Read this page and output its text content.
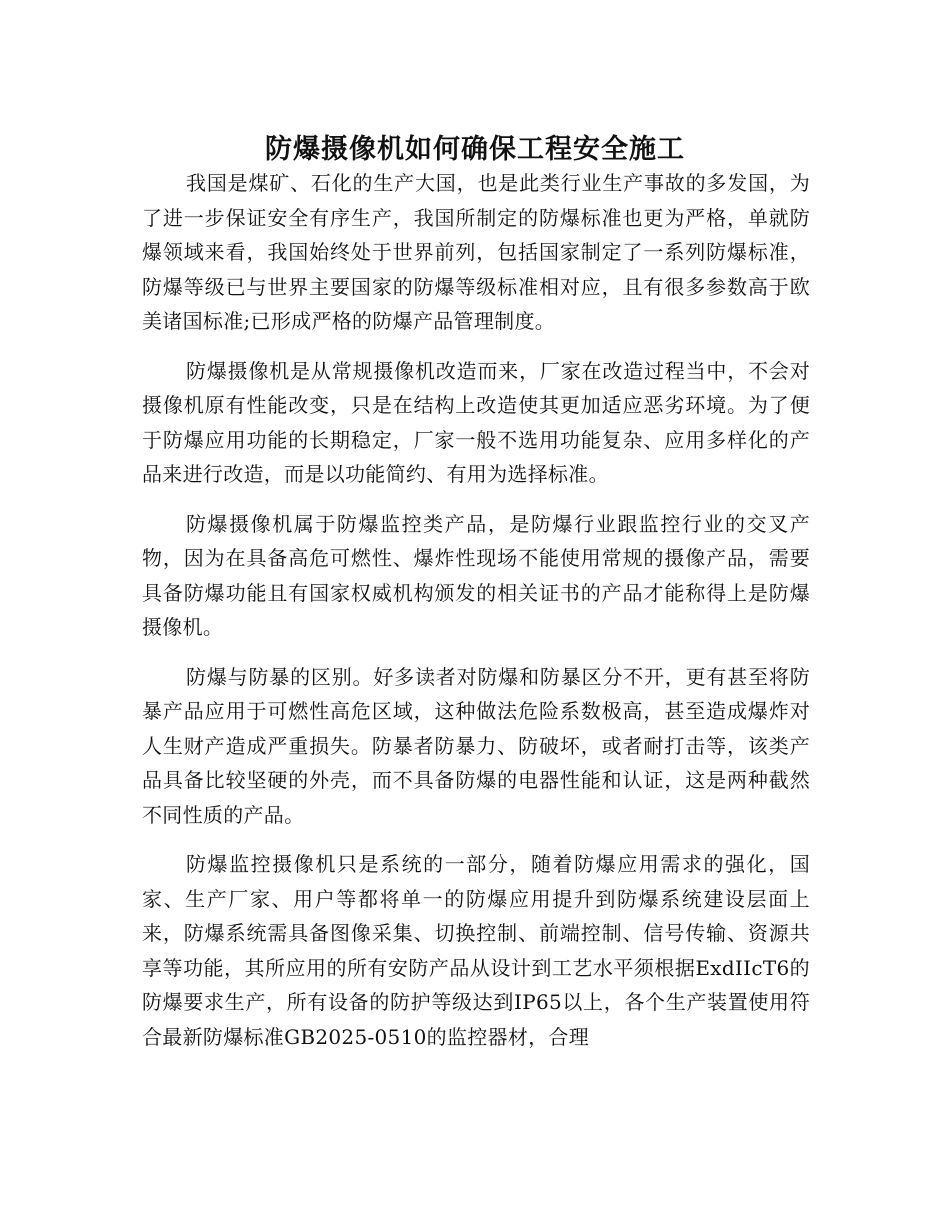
防爆摄像机如何确保工程安全施工

我国是煤矿、石化的生产大国，也是此类行业生产事故的多发国，为了进一步保证安全有序生产，我国所制定的防爆标准也更为严格，单就防爆领域来看，我国始终处于世界前列，包括国家制定了一系列防爆标准，防爆等级已与世界主要国家的防爆等级标准相对应，且有很多参数高于欧美诸国标准;已形成严格的防爆产品管理制度。

防爆摄像机是从常规摄像机改造而来，厂家在改造过程当中，不会对摄像机原有性能改变，只是在结构上改造使其更加适应恶劣环境。为了便于防爆应用功能的长期稳定，厂家一般不选用功能复杂、应用多样化的产品来进行改造，而是以功能简约、有用为选择标准。

防爆摄像机属于防爆监控类产品，是防爆行业跟监控行业的交叉产物，因为在具备高危可燃性、爆炸性现场不能使用常规的摄像产品，需要具备防爆功能且有国家权威机构颁发的相关证书的产品才能称得上是防爆摄像机。

防爆与防暴的区别。好多读者对防爆和防暴区分不开，更有甚至将防暴产品应用于可燃性高危区域，这种做法危险系数极高，甚至造成爆炸对人生财产造成严重损失。防暴者防暴力、防破坏，或者耐打击等，该类产品具备比较坚硬的外壳，而不具备防爆的电器性能和认证，这是两种截然不同性质的产品。

防爆监控摄像机只是系统的一部分，随着防爆应用需求的强化，国家、生产厂家、用户等都将单一的防爆应用提升到防爆系统建设层面上来，防爆系统需具备图像采集、切换控制、前端控制、信号传输、资源共享等功能，其所应用的所有安防产品从设计到工艺水平须根据ExdIIcT6的防爆要求生产，所有设备的防护等级达到IP65以上，各个生产装置使用符合最新防爆标准GB2025-0510的监控器材，合理
